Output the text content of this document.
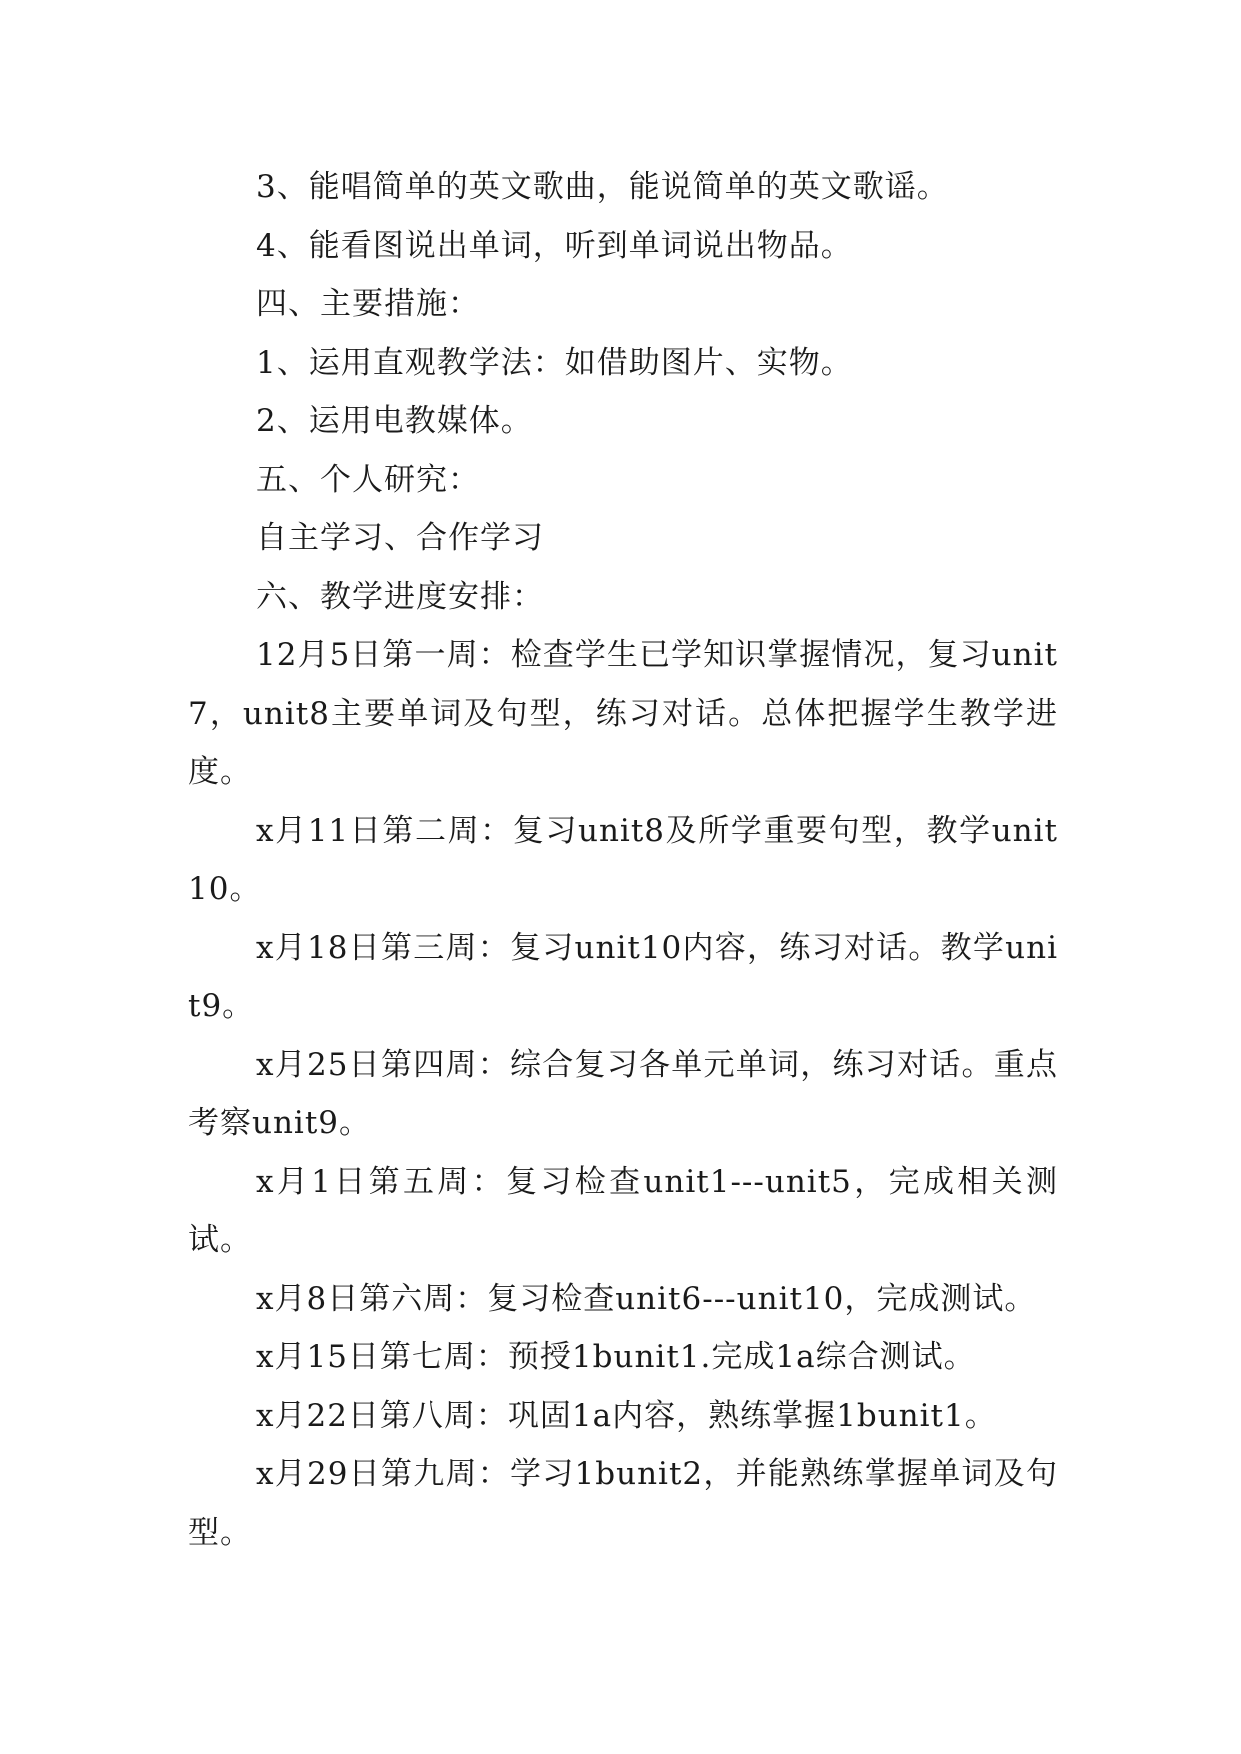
3、能唱简单的英文歌曲，能说简单的英文歌谣。

4、能看图说出单词，听到单词说出物品。

四、主要措施：

1、运用直观教学法：如借助图片、实物。

2、运用电教媒体。

五、个人研究：

自主学习、合作学习

六、教学进度安排：

12月5日第一周：检查学生已学知识掌握情况，复习unit7，unit8主要单词及句型，练习对话。总体把握学生教学进度。

x月11日第二周：复习unit8及所学重要句型，教学unit10。

x月18日第三周：复习unit10内容，练习对话。教学unit9。

x月25日第四周：综合复习各单元单词，练习对话。重点考察unit9。

x月1日第五周：复习检查unit1---unit5，完成相关测试。

x月8日第六周：复习检查unit6---unit10，完成测试。

x月15日第七周：预授1bunit1.完成1a综合测试。

x月22日第八周：巩固1a内容，熟练掌握1bunit1。

x月29日第九周：学习1bunit2，并能熟练掌握单词及句型。
